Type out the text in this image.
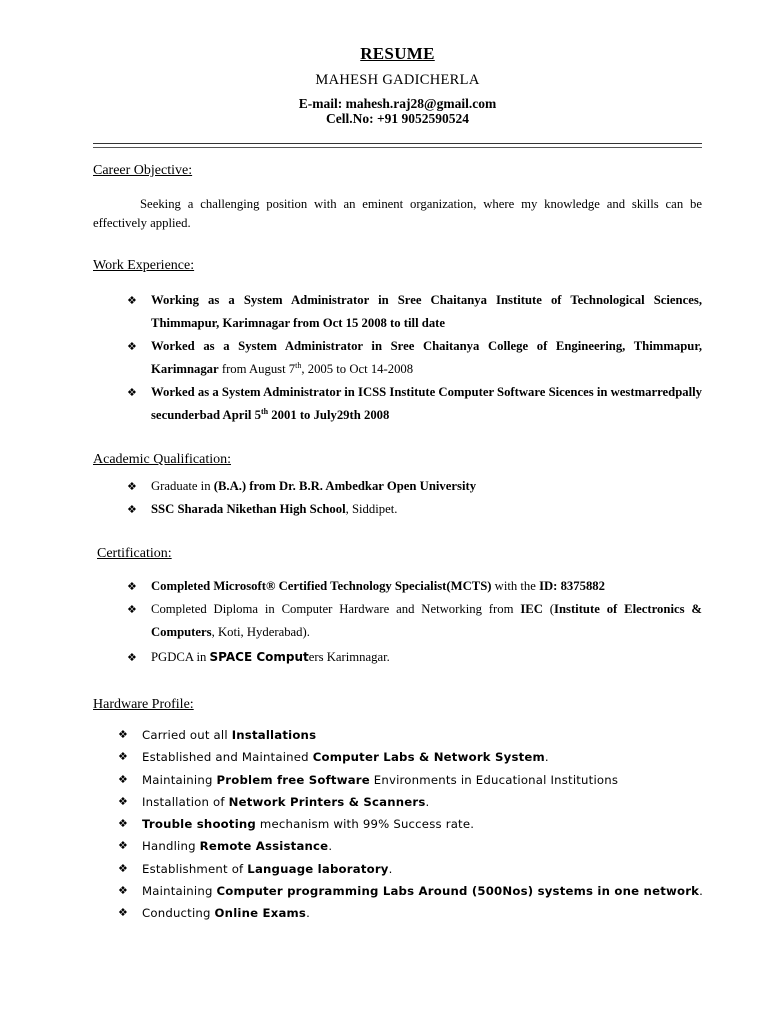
RESUME
MAHESH GADICHERLA
E-mail: mahesh.raj28@gmail.com
Cell.No: +91 9052590524
Career Objective:
Seeking a challenging position with an eminent organization, where my knowledge and skills can be effectively applied.
Work Experience:
❖ Working as a System Administrator in Sree Chaitanya Institute of Technological Sciences, Thimmapur, Karimnagar from Oct 15 2008 to till date
❖ Worked as a System Administrator in Sree Chaitanya College of Engineering, Thimmapur, Karimnagar from August 7th, 2005 to Oct 14-2008
❖ Worked as a System Administrator in ICSS Institute Computer Software Sicences in westmarredpally secunderbad April 5th 2001 to July29th 2008
Academic Qualification:
❖ Graduate in (B.A.) from Dr. B.R. Ambedkar Open University
❖ SSC Sharada Nikethan High School, Siddipet.
Certification:
❖ Completed Microsoft® Certified Technology Specialist(MCTS) with the ID: 8375882
❖ Completed Diploma in Computer Hardware and Networking from IEC (Institute of Electronics & Computers, Koti, Hyderabad).
❖ PGDCA in SPACE Computers Karimnagar.
Hardware Profile:
❖ Carried out all Installations
❖ Established and Maintained Computer Labs & Network System.
❖ Maintaining Problem free Software Environments in Educational Institutions
❖ Installation of Network Printers & Scanners.
❖ Trouble shooting mechanism with 99% Success rate.
❖ Handling Remote Assistance.
❖ Establishment of Language laboratory.
❖ Maintaining Computer programming Labs Around (500Nos) systems in one network.
❖ Conducting Online Exams.
